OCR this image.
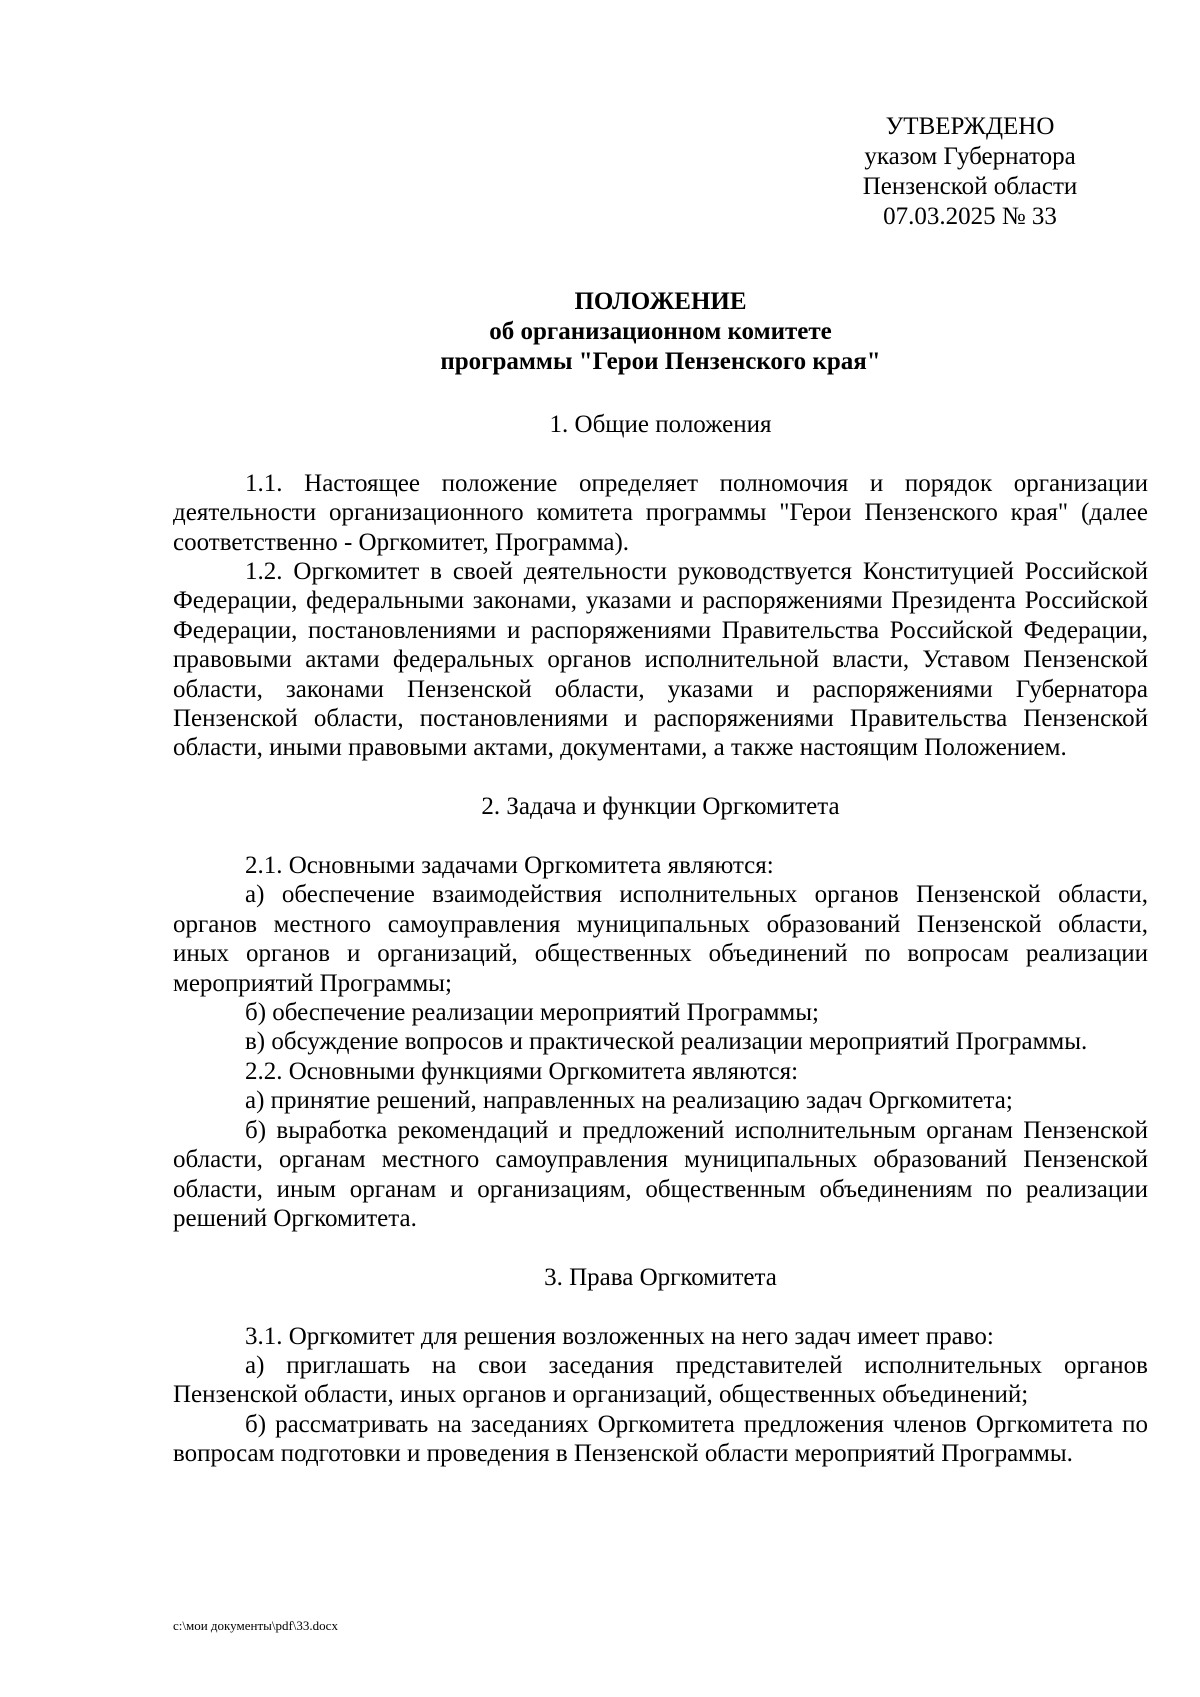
УТВЕРЖДЕНО
указом Губернатора
Пензенской области
07.03.2025 № 33
ПОЛОЖЕНИЕ
об организационном комитете
программы "Герои Пензенского края"
1. Общие положения

1.1. Настоящее положение определяет полномочия и порядок организации деятельности организационного комитета программы "Герои Пензенского края" (далее соответственно - Оргкомитет, Программа).

1.2. Оргкомитет в своей деятельности руководствуется Конституцией Российской Федерации, федеральными законами, указами и распоряжениями Президента Российской Федерации, постановлениями и распоряжениями Правительства Российской Федерации, правовыми актами федеральных органов исполнительной власти, Уставом Пензенской области, законами Пензенской области, указами и распоряжениями Губернатора Пензенской области, постановлениями и распоряжениями Правительства Пензенской области, иными правовыми актами, документами, а также настоящим Положением.

2. Задача и функции Оргкомитета

2.1. Основными задачами Оргкомитета являются:

а) обеспечение взаимодействия исполнительных органов Пензенской области, органов местного самоуправления муниципальных образований Пензенской области, иных органов и организаций, общественных объединений по вопросам реализации мероприятий Программы;

б) обеспечение реализации мероприятий Программы;

в) обсуждение вопросов и практической реализации мероприятий Программы.

2.2. Основными функциями Оргкомитета являются:

а) принятие решений, направленных на реализацию задач Оргкомитета;

б) выработка рекомендаций и предложений исполнительным органам Пензенской области, органам местного самоуправления муниципальных образований Пензенской области, иным органам и организациям, общественным объединениям по реализации решений Оргкомитета.

3. Права Оргкомитета

3.1. Оргкомитет для решения возложенных на него задач имеет право:

а) приглашать на свои заседания представителей исполнительных органов Пензенской области, иных органов и организаций, общественных объединений;

б) рассматривать на заседаниях Оргкомитета предложения членов Оргкомитета по вопросам подготовки и проведения в Пензенской области мероприятий Программы.

c:\мои документы\pdf\33.docx
